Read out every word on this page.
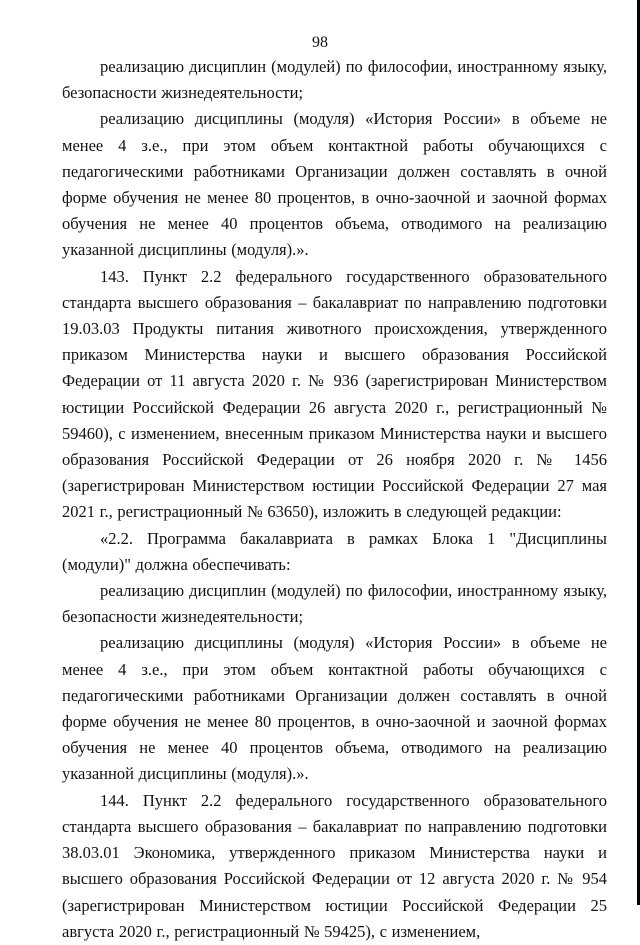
98

реализацию дисциплин (модулей) по философии, иностранному языку, безопасности жизнедеятельности;

реализацию дисциплины (модуля) «История России» в объеме не менее 4 з.е., при этом объем контактной работы обучающихся с педагогическими работниками Организации должен составлять в очной форме обучения не менее 80 процентов, в очно-заочной и заочной формах обучения не менее 40 процентов объема, отводимого на реализацию указанной дисциплины (модуля).».

143. Пункт 2.2 федерального государственного образовательного стандарта высшего образования – бакалавриат по направлению подготовки 19.03.03 Продукты питания животного происхождения, утвержденного приказом Министерства науки и высшего образования Российской Федерации от 11 августа 2020 г. № 936 (зарегистрирован Министерством юстиции Российской Федерации 26 августа 2020 г., регистрационный № 59460), с изменением, внесенным приказом Министерства науки и высшего образования Российской Федерации от 26 ноября 2020 г. № 1456 (зарегистрирован Министерством юстиции Российской Федерации 27 мая 2021 г., регистрационный № 63650), изложить в следующей редакции:

«2.2. Программа бакалавриата в рамках Блока 1 "Дисциплины (модули)" должна обеспечивать:

реализацию дисциплин (модулей) по философии, иностранному языку, безопасности жизнедеятельности;

реализацию дисциплины (модуля) «История России» в объеме не менее 4 з.е., при этом объем контактной работы обучающихся с педагогическими работниками Организации должен составлять в очной форме обучения не менее 80 процентов, в очно-заочной и заочной формах обучения не менее 40 процентов объема, отводимого на реализацию указанной дисциплины (модуля).».

144. Пункт 2.2 федерального государственного образовательного стандарта высшего образования – бакалавриат по направлению подготовки 38.03.01 Экономика, утвержденного приказом Министерства науки и высшего образования Российской Федерации от 12 августа 2020 г. № 954 (зарегистрирован Министерством юстиции Российской Федерации 25 августа 2020 г., регистрационный № 59425), с изменением,
